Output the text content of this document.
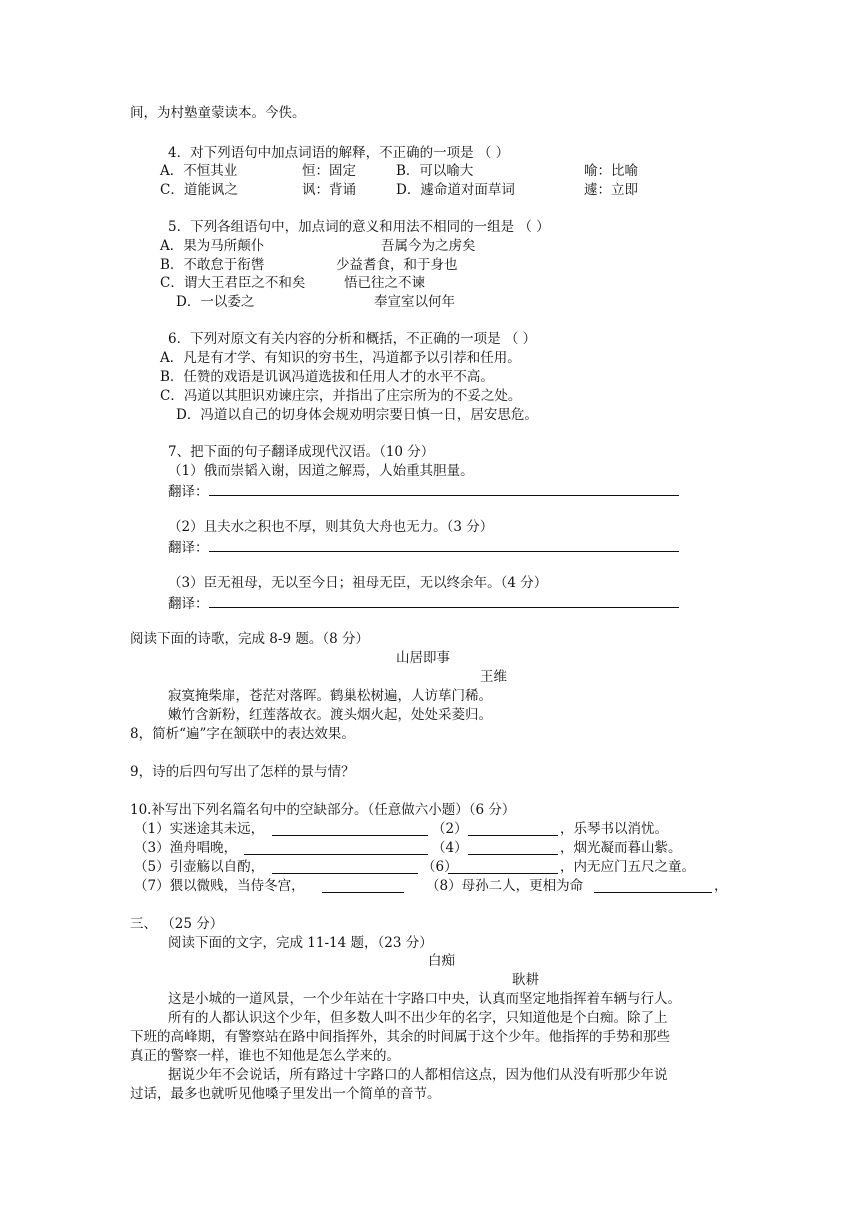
间，为村塾童蒙读本。今佚。
4．对下列语句中加点词语的解释，不正确的一项是 （ ）
A．不恒其业	恒：固定	B．可以喻大	喻：比喻
C．道能讽之	讽：背诵	D．遽命道对面草词	遽：立即
5．下列各组语句中，加点词的意义和用法不相同的一组是 （ ）
A．果为马所颠仆	吾属今为之虏矣
B．不敢怠于衔辔	少益耆食，和于身也
C．谓大王君臣之不和矣	悟已往之不谏
D．一以委之	奉宣室以何年
6．下列对原文有关内容的分析和概括，不正确的一项是 （ ）
A．凡是有才学、有知识的穷书生，冯道都予以引荐和任用。
B．任赞的戏语是讥讽冯道选拔和任用人才的水平不高。
C．冯道以其胆识劝谏庄宗，并指出了庄宗所为的不妥之处。
D．冯道以自己的切身体会规劝明宗要日慎一日，居安思危。
7、把下面的句子翻译成现代汉语。（10 分）
（1）俄而崇韬入谢，因道之解焉，人始重其胆量。
翻译：
（2）且夫水之积也不厚，则其负大舟也无力。（3 分）
翻译：
（3）臣无祖母，无以至今日；祖母无臣，无以终余年。（4 分）
翻译：
阅读下面的诗歌，完成 8-9 题。（8 分）
山居即事
王维
寂寞掩柴扉，苍茫对落晖。鹤巢松树遍，人访荜门稀。
嫩竹含新粉，红莲落故衣。渡头烟火起，处处采菱归。
8，简析“遍”字在颔联中的表达效果。
9，诗的后四句写出了怎样的景与情？
10.补写出下列名篇名句中的空缺部分。（任意做六小题）（6 分）
（1）实迷途其未远，	（2）	，乐琴书以消忧。
（3）渔舟唱晚，	（4）	，烟光凝而暮山紫。
（5）引壶觞以自酌，	（6）	，内无应门五尺之童。
（7）猥以微贱，当侍冬宫，	（8）母孙二人，更相为命	，
三、 （25 分）
阅读下面的文字，完成 11-14 题，（23 分）
白痴
耿耕
这是小城的一道风景，一个少年站在十字路口中央，认真而坚定地指挥着车辆与行人。
所有的人都认识这个少年，但多数人叫不出少年的名字，只知道他是个白痴。除了上
下班的高峰期，有警察站在路中间指挥外，其余的时间属于这个少年。他指挥的手势和那些
真正的警察一样，谁也不知他是怎么学来的。
据说少年不会说话，所有路过十字路口的人都相信这点，因为他们从没有听那少年说
过话，最多也就听见他嗓子里发出一个简单的音节。
